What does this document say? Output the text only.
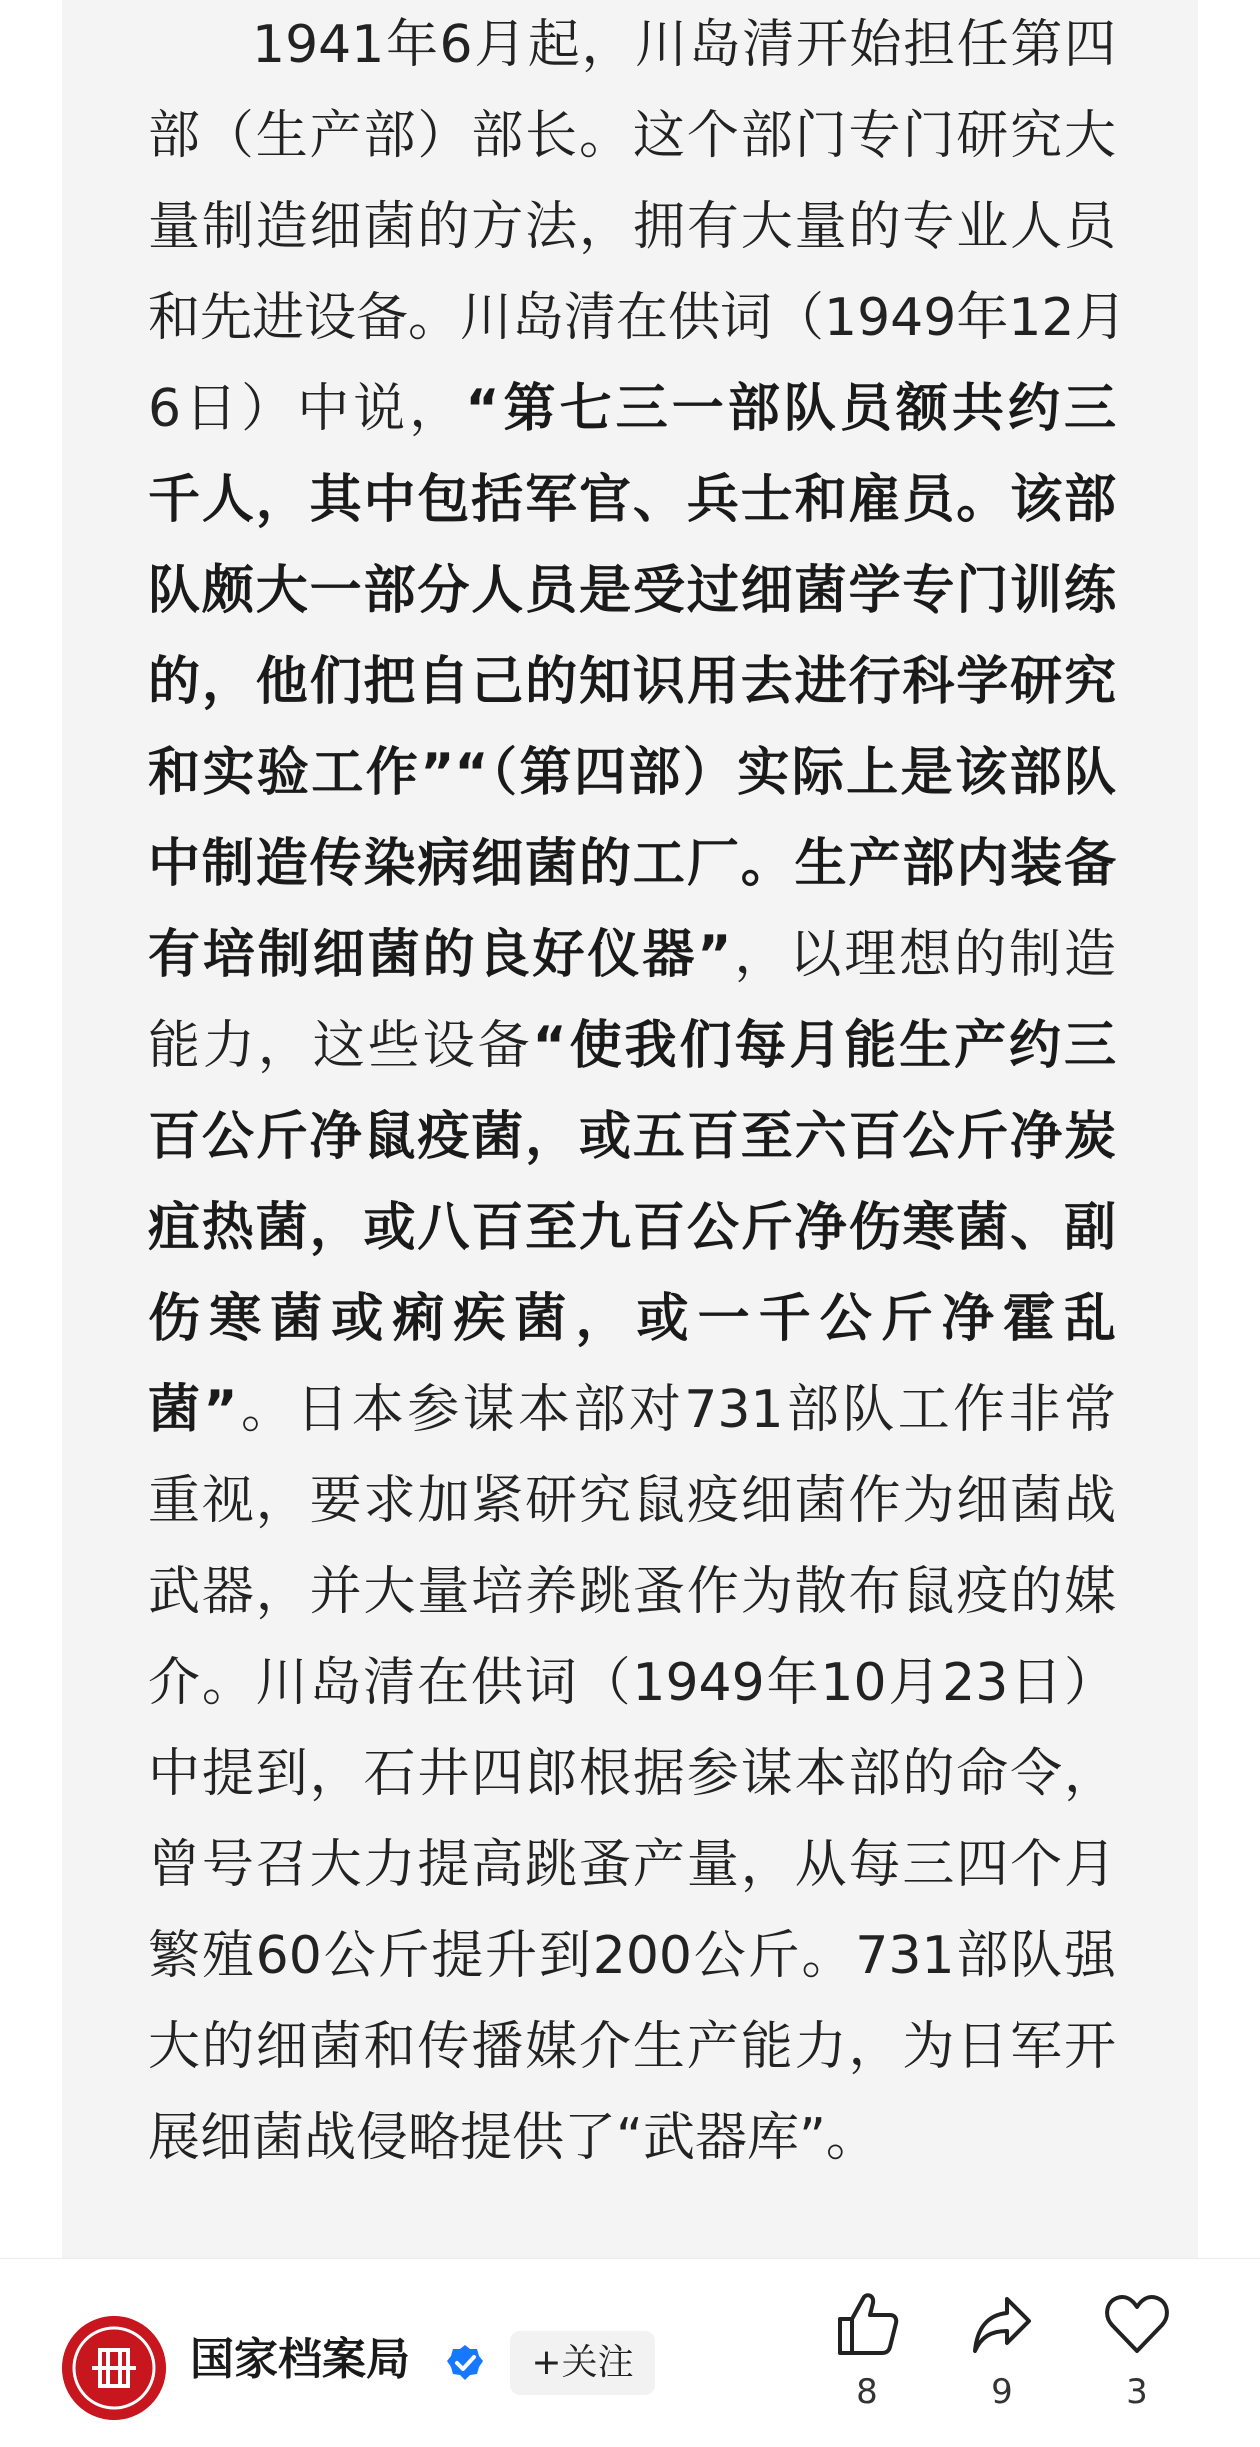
1941年6月起，川岛清开始担任第四
部（生产部）部长。这个部门专门研究大
量制造细菌的方法，拥有大量的专业人员
和先进设备。川岛清在供词（1949年12月
6日）中说，“第七三一部队员额共约三
千人，其中包括军官、兵士和雇员。该部
队颇大一部分人员是受过细菌学专门训练
的，他们把自己的知识用去进行科学研究
和实验工作”“（第四部）实际上是该部队
中制造传染病细菌的工厂。生产部内装备
有培制细菌的良好仪器”，以理想的制造
能力，这些设备“使我们每月能生产约三
百公斤净鼠疫菌，或五百至六百公斤净炭
疽热菌，或八百至九百公斤净伤寒菌、副
伤寒菌或痢疾菌，或一千公斤净霍乱
菌”。日本参谋本部对731部队工作非常
重视，要求加紧研究鼠疫细菌作为细菌战
武器，并大量培养跳蚤作为散布鼠疫的媒
介。川岛清在供词（1949年10月23日）
中提到，石井四郎根据参谋本部的命令，
曾号召大力提高跳蚤产量，从每三四个月
繁殖60公斤提升到200公斤。731部队强
大的细菌和传播媒介生产能力，为日军开
展细菌战侵略提供了“武器库”。
国家档案局	+关注
8	9	3
